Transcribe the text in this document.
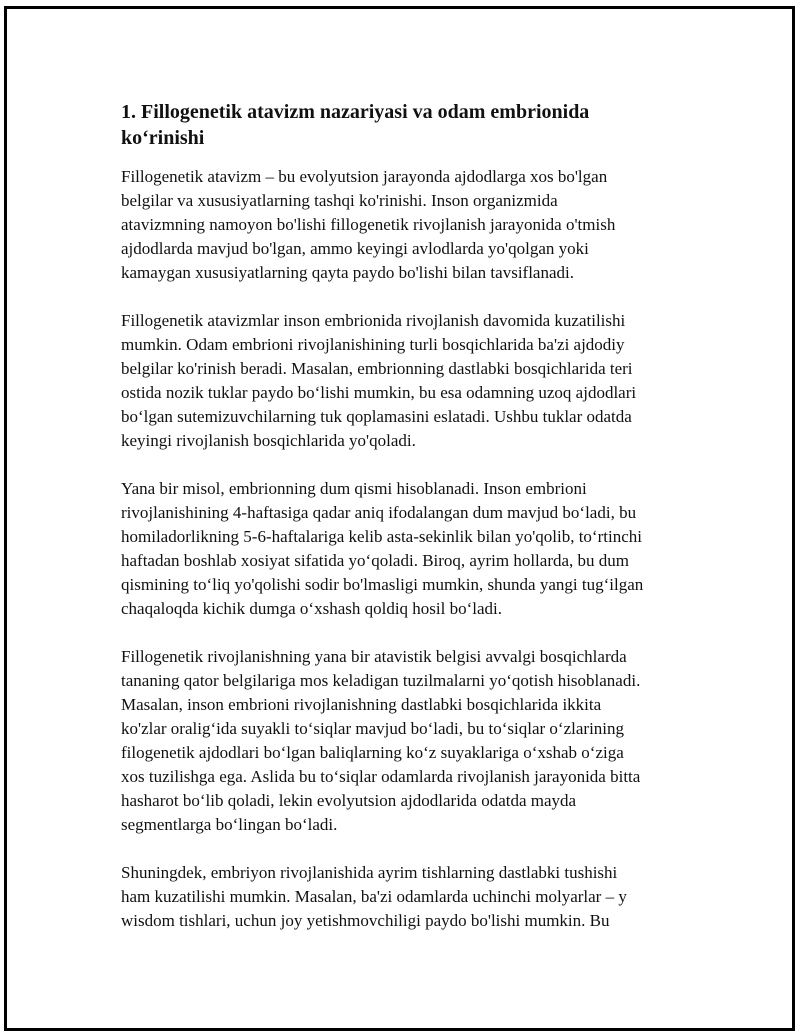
1. Fillogenetik atavizm nazariyasi va odam embrionida
ko‘rinishi

Fillogenetik atavizm – bu evolyutsion jarayonda ajdodlarga xos bo'lgan
belgilar va xususiyatlarning tashqi ko'rinishi. Inson organizmida
atavizmning namoyon bo'lishi fillogenetik rivojlanish jarayonida o'tmish
ajdodlarda mavjud bo'lgan, ammo keyingi avlodlarda yo'qolgan yoki
kamaygan xususiyatlarning qayta paydo bo'lishi bilan tavsiflanadi.

Fillogenetik atavizmlar inson embrionida rivojlanish davomida kuzatilishi
mumkin. Odam embrioni rivojlanishining turli bosqichlarida ba'zi ajdodiy
belgilar ko'rinish beradi. Masalan, embrionning dastlabki bosqichlarida teri
ostida nozik tuklar paydo bo‘lishi mumkin, bu esa odamning uzoq ajdodlari
bo‘lgan sutemizuvchilarning tuk qoplamasini eslatadi. Ushbu tuklar odatda
keyingi rivojlanish bosqichlarida yo'qoladi.

Yana bir misol, embrionning dum qismi hisoblanadi. Inson embrioni
rivojlanishining 4-haftasiga qadar aniq ifodalangan dum mavjud bo‘ladi, bu
homiladorlikning 5-6-haftalariga kelib asta-sekinlik bilan yo'qolib, to‘rtinchi
haftadan boshlab xosiyat sifatida yo‘qoladi. Biroq, ayrim hollarda, bu dum
qismining to‘liq yo'qolishi sodir bo'lmasligi mumkin, shunda yangi tug‘ilgan
chaqaloqda kichik dumga o‘xshash qoldiq hosil bo‘ladi.

Fillogenetik rivojlanishning yana bir atavistik belgisi avvalgi bosqichlarda
tananing qator belgilariga mos keladigan tuzilmalarni yo‘qotish hisoblanadi.
Masalan, inson embrioni rivojlanishning dastlabki bosqichlarida ikkita
ko'zlar oralig‘ida suyakli to‘siqlar mavjud bo‘ladi, bu to‘siqlar o‘zlarining
filogenetik ajdodlari bo‘lgan baliqlarning ko‘z suyaklariga o‘xshab o‘ziga
xos tuzilishga ega. Aslida bu to‘siqlar odamlarda rivojlanish jarayonida bitta
hasharot bo‘lib qoladi, lekin evolyutsion ajdodlarida odatda mayda
segmentlarga bo‘lingan bo‘ladi.

Shuningdek, embriyon rivojlanishida ayrim tishlarning dastlabki tushishi
ham kuzatilishi mumkin. Masalan, ba'zi odamlarda uchinchi molyarlar – y
wisdom tishlari, uchun joy yetishmovchiligi paydo bo'lishi mumkin. Bu
